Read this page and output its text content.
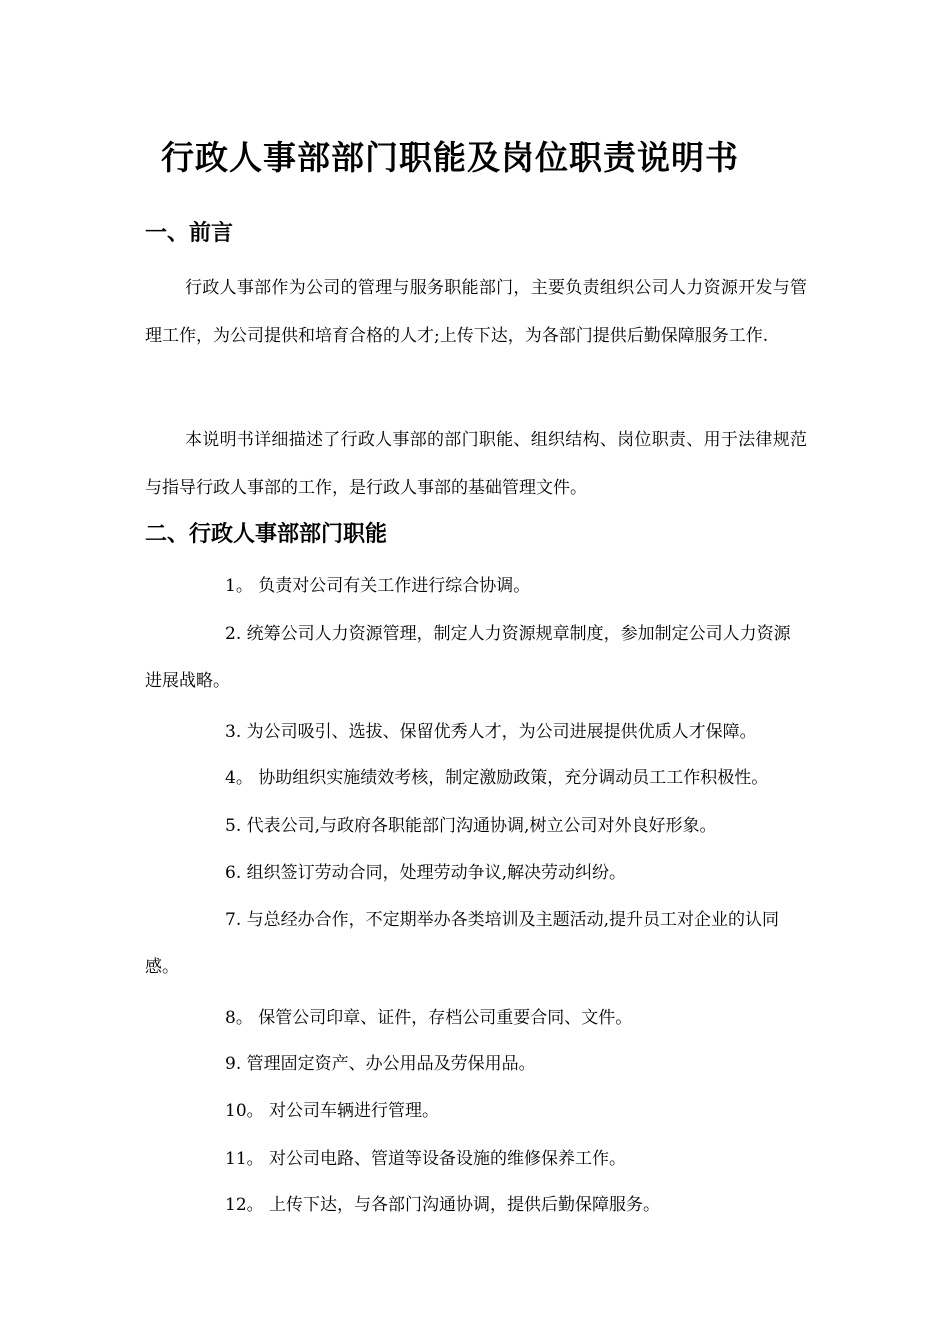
行政人事部部门职能及岗位职责说明书
一、前言

行政人事部作为公司的管理与服务职能部门，主要负责组织公司人力资源开发与管理工作，为公司提供和培育合格的人才;上传下达，为各部门提供后勤保障服务工作.

本说明书详细描述了行政人事部的部门职能、组织结构、岗位职责、用于法律规范与指导行政人事部的工作，是行政人事部的基础管理文件。

二、行政人事部部门职能

1。 负责对公司有关工作进行综合协调。

2. 统筹公司人力资源管理，制定人力资源规章制度，参加制定公司人力资源进展战略。

3. 为公司吸引、选拔、保留优秀人才，为公司进展提供优质人才保障。

4。 协助组织实施绩效考核，制定激励政策，充分调动员工工作积极性。

5. 代表公司,与政府各职能部门沟通协调,树立公司对外良好形象。

6. 组织签订劳动合同，处理劳动争议,解决劳动纠纷。

7. 与总经办合作，不定期举办各类培训及主题活动,提升员工对企业的认同感。

8。 保管公司印章、证件，存档公司重要合同、文件。

9. 管理固定资产、办公用品及劳保用品。

10。 对公司车辆进行管理。

11。 对公司电路、管道等设备设施的维修保养工作。

12。 上传下达，与各部门沟通协调，提供后勤保障服务。
